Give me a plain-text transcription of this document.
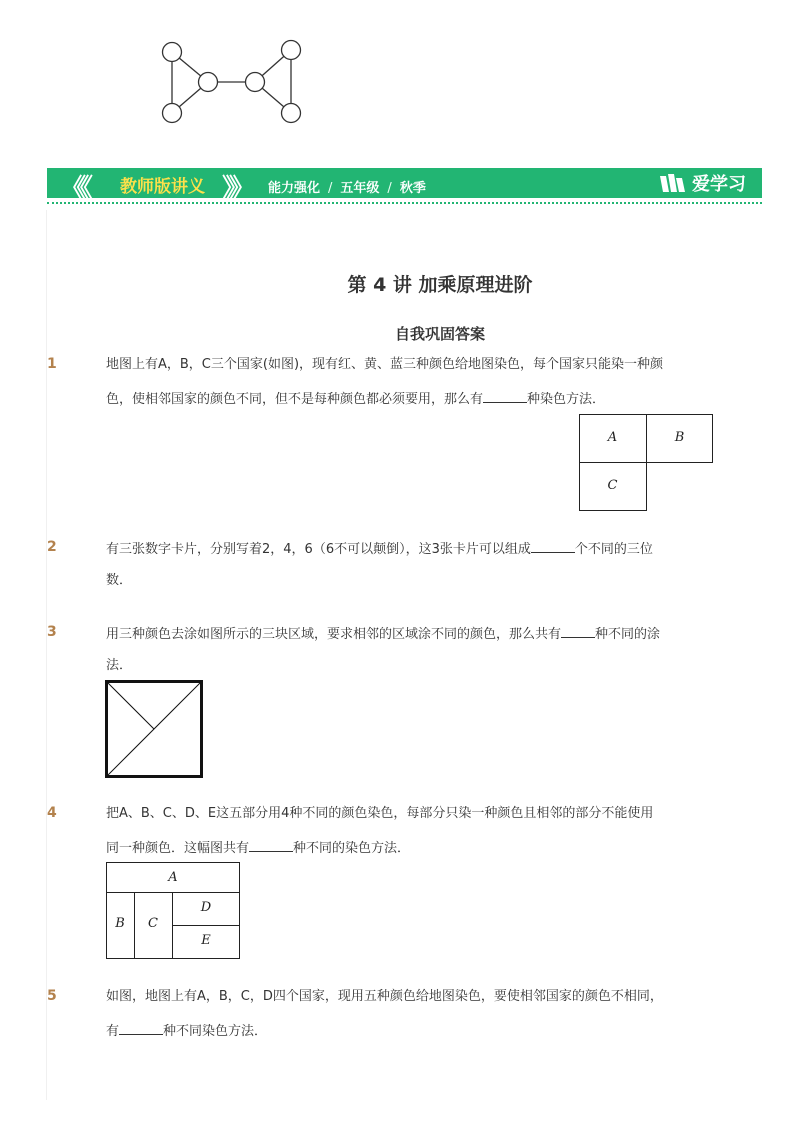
《《 教师版讲义 》》 能力强化 / 五年级 / 秋季	爱学习
第 4 讲 加乘原理进阶
自我巩固答案
1	地图上有A，B，C三个国家(如图)，现有红、黄、蓝三种颜色给地图染色，每个国家只能染一种颜
色，使相邻国家的颜色不同，但不是每种颜色都必须要用，那么有	种染色方法．
A	B
C
2	有三张数字卡片，分别写着2，4，6（6不可以颠倒），这3张卡片可以组成	个不同的三位
数．
3	用三种颜色去涂如图所示的三块区域，要求相邻的区域涂不同的颜色，那么共有	种不同的涂
法．
4	把A、B、C、D、E这五部分用4种不同的颜色染色，每部分只染一种颜色且相邻的部分不能使用
同一种颜色．这幅图共有	种不同的染色方法．
A
B	C
D
E
5	如图，地图上有A，B，C，D四个国家，现用五种颜色给地图染色，要使相邻国家的颜色不相同，
有	种不同染色方法．
